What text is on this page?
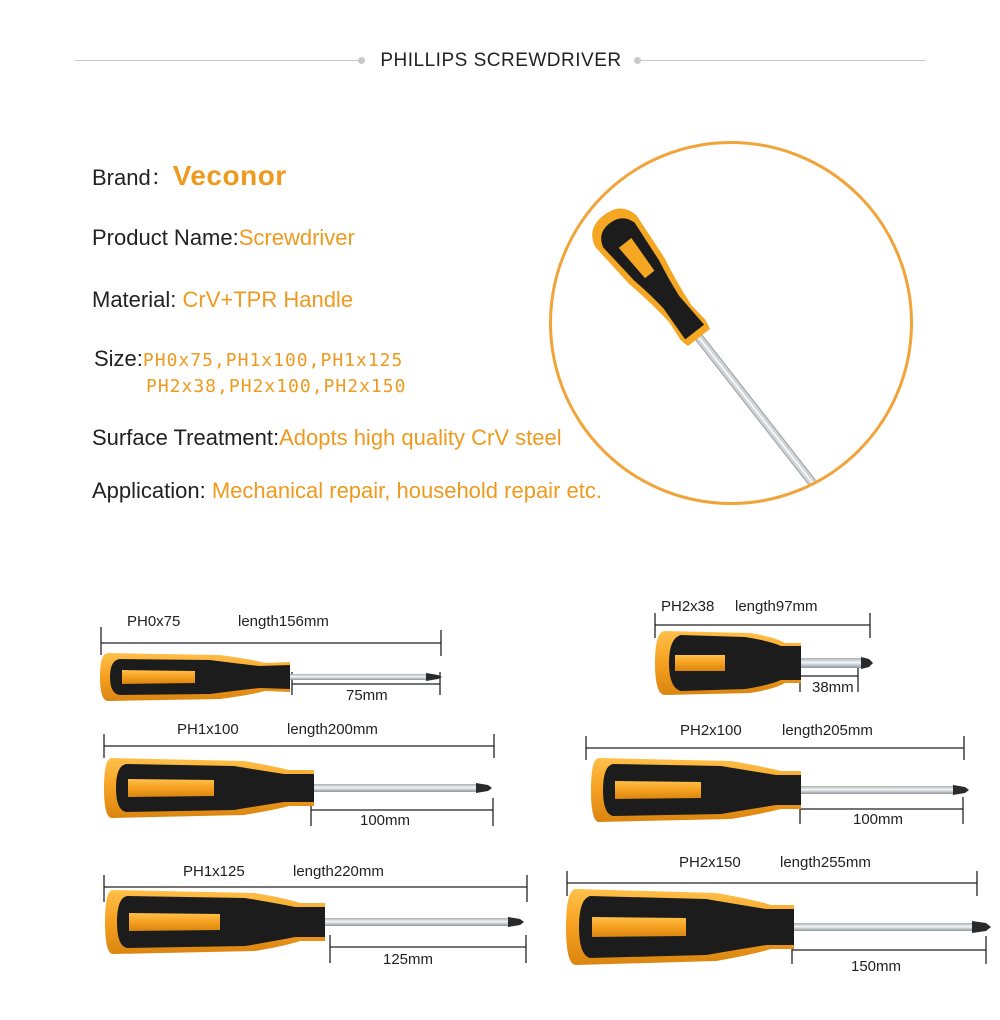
PHILLIPS SCREWDRIVER
Brand：Veconor
Product Name:Screwdriver
Material: CrV+TPR Handle
Size:PH0x75,PH1x100,PH1x125
PH2x38,PH2x100,PH2x150
Surface Treatment:Adopts high quality CrV steel
Application: Mechanical repair, household repair etc.
PH0x75	length156mm
75mm
PH2x38 length97mm
38mm
PH1x100	length200mm
100mm
PH2x100	length205mm
100mm
PH1x125	length220mm
125mm
PH2x150	length255mm
150mm
